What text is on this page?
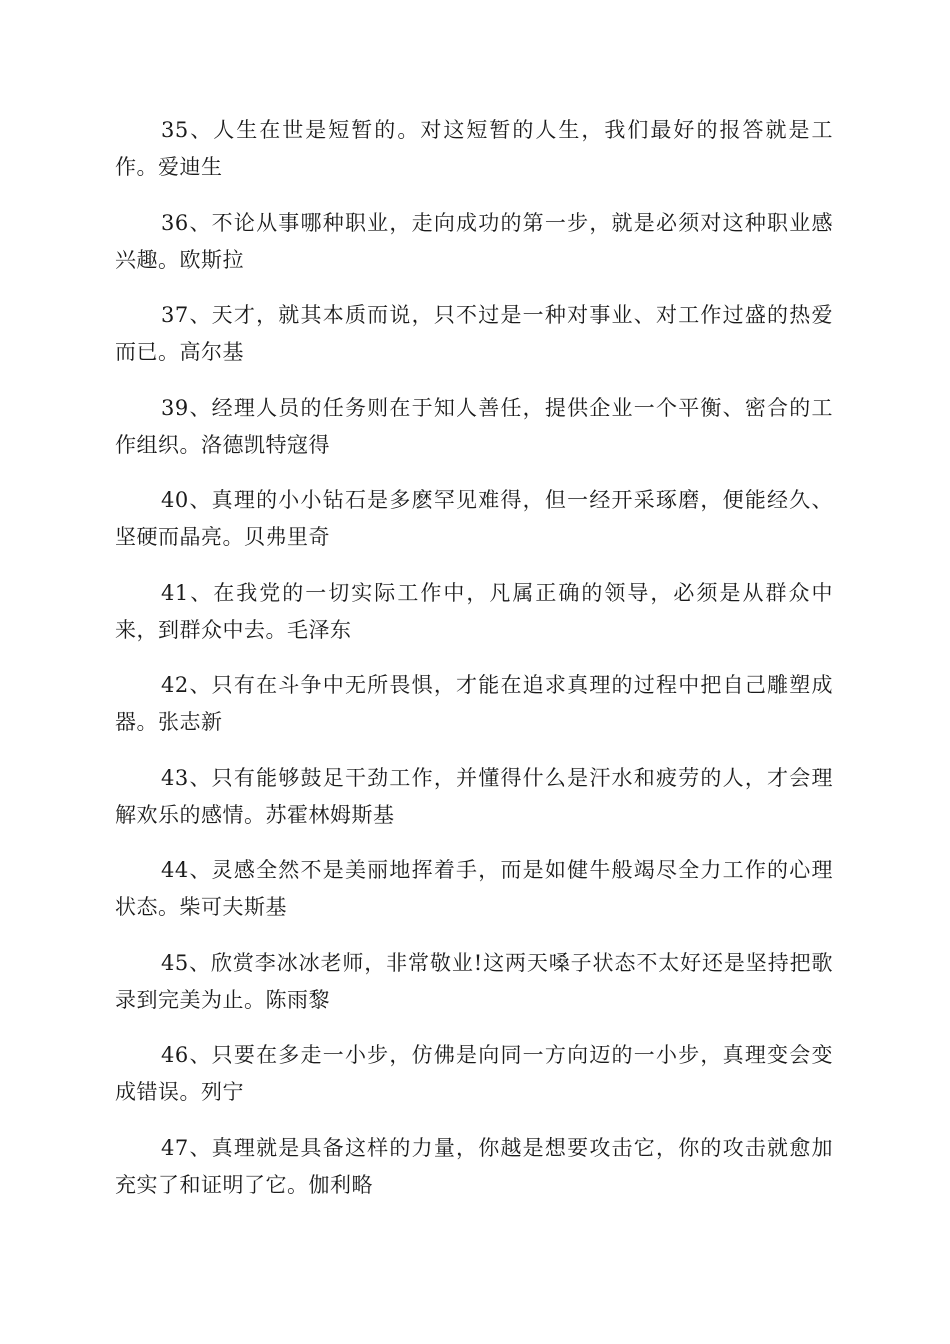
35、人生在世是短暂的。对这短暂的人生，我们最好的报答就是工作。爱迪生

36、不论从事哪种职业，走向成功的第一步，就是必须对这种职业感兴趣。欧斯拉

37、天才，就其本质而说，只不过是一种对事业、对工作过盛的热爱而已。高尔基

39、经理人员的任务则在于知人善任，提供企业一个平衡、密合的工作组织。洛德凯特寇得

40、真理的小小钻石是多麽罕见难得，但一经开采琢磨，便能经久、坚硬而晶亮。贝弗里奇

41、在我党的一切实际工作中，凡属正确的领导，必须是从群众中来，到群众中去。毛泽东

42、只有在斗争中无所畏惧，才能在追求真理的过程中把自己雕塑成器。张志新

43、只有能够鼓足干劲工作，并懂得什么是汗水和疲劳的人，才会理解欢乐的感情。苏霍林姆斯基

44、灵感全然不是美丽地挥着手，而是如健牛般竭尽全力工作的心理状态。柴可夫斯基

45、欣赏李冰冰老师，非常敬业!这两天嗓子状态不太好还是坚持把歌录到完美为止。陈雨黎

46、只要在多走一小步，仿佛是向同一方向迈的一小步，真理变会变成错误。列宁

47、真理就是具备这样的力量，你越是想要攻击它，你的攻击就愈加充实了和证明了它。伽利略
